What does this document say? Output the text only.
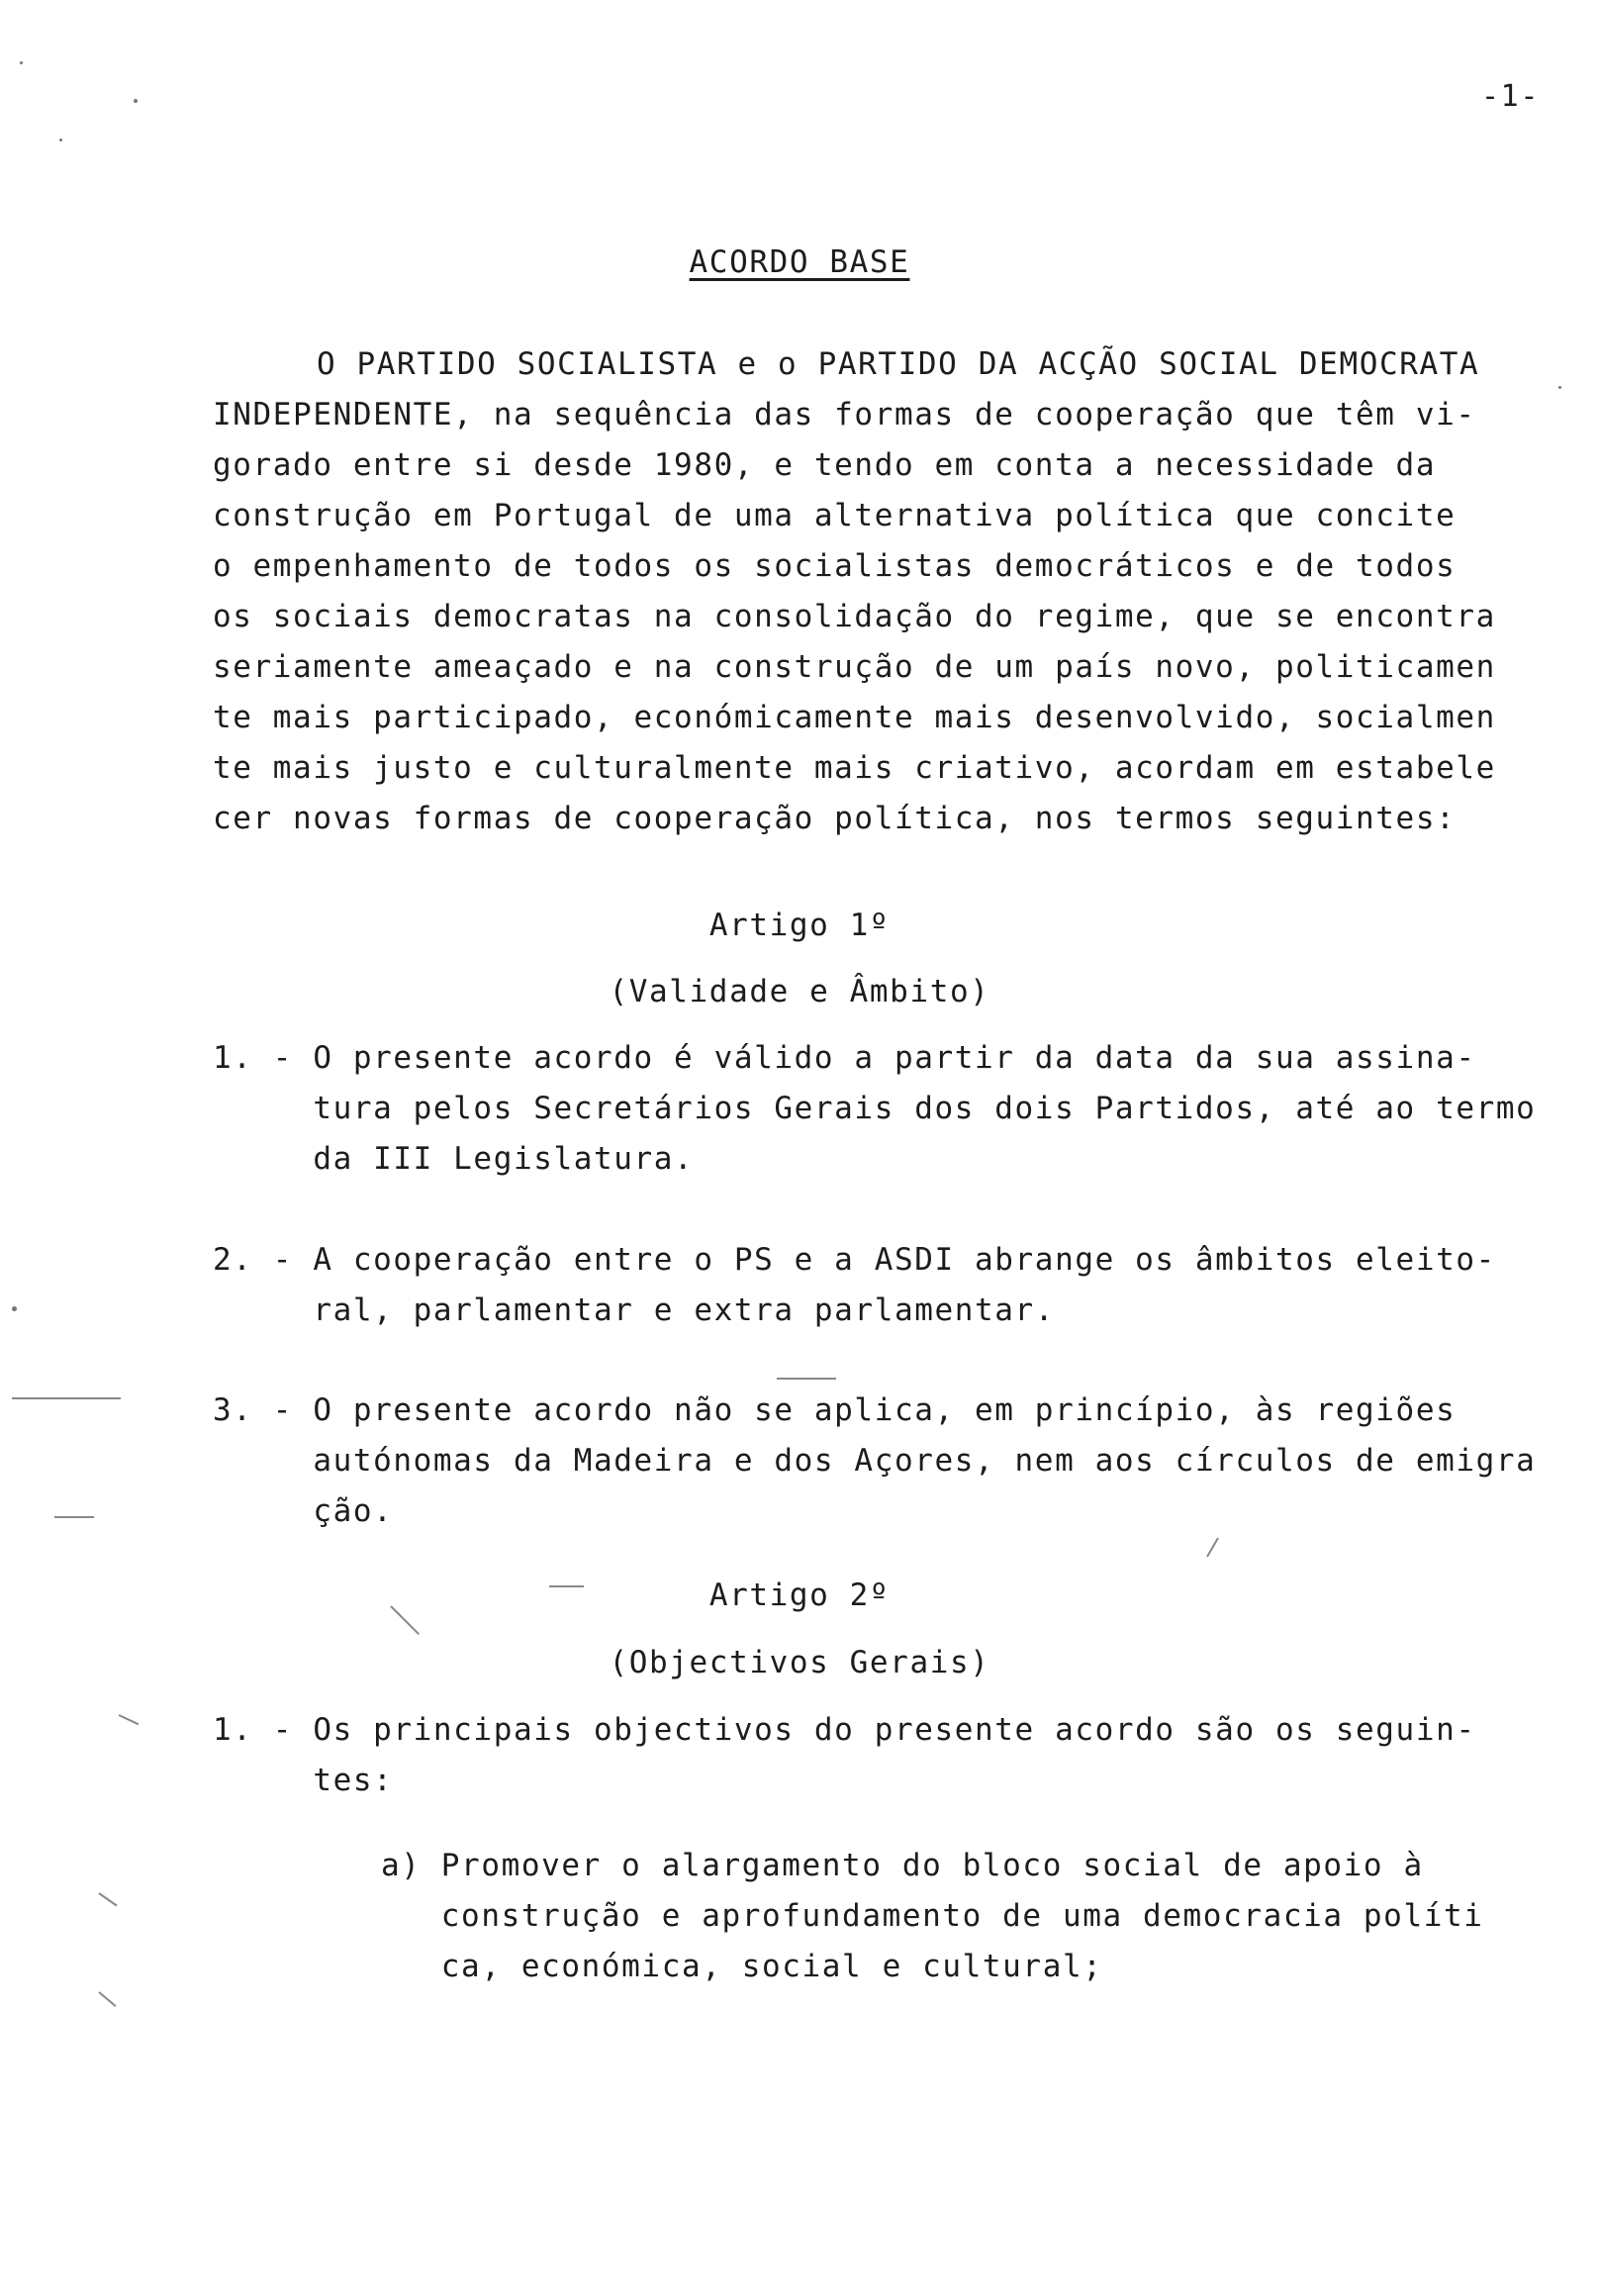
-1-
ACORDO BASE
O PARTIDO SOCIALISTA e o PARTIDO DA ACÇÃO SOCIAL DEMOCRATA
INDEPENDENTE, na sequência das formas de cooperação que têm vi-
gorado entre si desde 1980, e tendo em conta a necessidade da
construção em Portugal de uma alternativa política que concite
o empenhamento de todos os socialistas democráticos e de todos
os sociais democratas na consolidação do regime, que se encontra
seriamente ameaçado e na construção de um país novo, politicamen
te mais participado, económicamente mais desenvolvido, socialmen
te mais justo e culturalmente mais criativo, acordam em estabele
cer novas formas de cooperação política, nos termos seguintes:
Artigo 1º
(Validade e Âmbito)
1. - O presente acordo é válido a partir da data da sua assina-
tura pelos Secretários Gerais dos dois Partidos, até ao termo
da III Legislatura.
2. - A cooperação entre o PS e a ASDI abrange os âmbitos eleito-
ral, parlamentar e extra parlamentar.
3. - O presente acordo não se aplica, em princípio, às regiões
autónomas da Madeira e dos Açores, nem aos círculos de emigra
ção.
Artigo 2º
(Objectivos Gerais)
1. - Os principais objectivos do presente acordo são os seguin-
tes:
a) Promover o alargamento do bloco social de apoio à
construção e aprofundamento de uma democracia políti
ca, económica, social e cultural;
